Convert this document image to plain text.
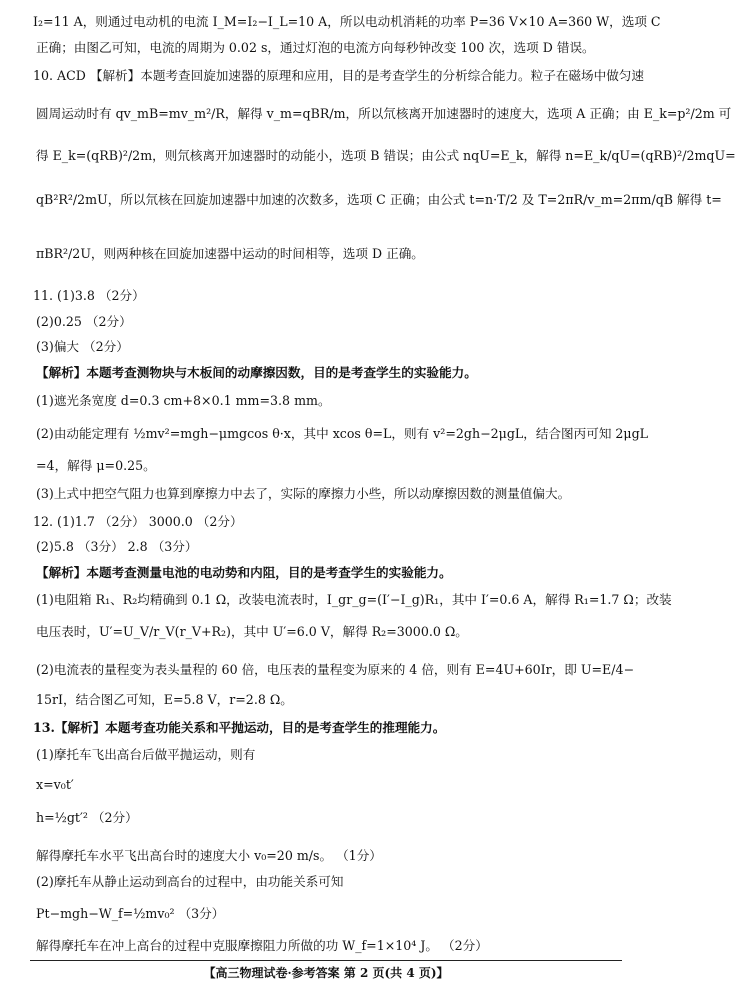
I₂=11 A，则通过电动机的电流 I_M=I₂−I_L=10 A，所以电动机消耗的功率 P=36 V×10 A=360 W，选项 C
正确；由图乙可知，电流的周期为 0.02 s，通过灯泡的电流方向每秒钟改变 100 次，选项 D 错误。
10. ACD 【解析】本题考查回旋加速器的原理和应用，目的是考查学生的分析综合能力。粒子在磁场中做匀速
圆周运动时有 qv_mB=mv_m²/R，解得 v_m=qBR/m，所以氘核离开加速器时的速度大，选项 A 正确；由 E_k=p²/2m 可
得 E_k=(qRB)²/2m，则氘核离开加速器时的动能小，选项 B 错误；由公式 nqU=E_k，解得 n=E_k/qU=(qRB)²/2mqU=
qB²R²/2mU，所以氘核在回旋加速器中加速的次数多，选项 C 正确；由公式 t=n·T/2 及 T=2πR/v_m=2πm/qB 解得 t=
πBR²/2U，则两种核在回旋加速器中运动的时间相等，选项 D 正确。
11. (1)3.8 （2分）
(2)0.25 （2分）
(3)偏大 （2分）
【解析】本题考查测物块与木板间的动摩擦因数，目的是考查学生的实验能力。
(1)遮光条宽度 d=0.3 cm+8×0.1 mm=3.8 mm。
(2)由动能定理有 ½mv²=mgh−μmgcos θ·x，其中 xcos θ=L，则有 v²=2gh−2μgL，结合图丙可知 2μgL
=4，解得 μ=0.25。
(3)上式中把空气阻力也算到摩擦力中去了，实际的摩擦力小些，所以动摩擦因数的测量值偏大。
12. (1)1.7 （2分） 3000.0 （2分）
(2)5.8 （3分） 2.8 （3分）
【解析】本题考查测量电池的电动势和内阻，目的是考查学生的实验能力。
(1)电阻箱 R₁、R₂均精确到 0.1 Ω，改装电流表时，I_gr_g=(I′−I_g)R₁，其中 I′=0.6 A，解得 R₁=1.7 Ω；改装
电压表时，U′=U_V/r_V(r_V+R₂)，其中 U′=6.0 V，解得 R₂=3000.0 Ω。
(2)电流表的量程变为表头量程的 60 倍，电压表的量程变为原来的 4 倍，则有 E=4U+60Ir，即 U=E/4−
15rI，结合图乙可知，E=5.8 V，r=2.8 Ω。
13.【解析】本题考查功能关系和平抛运动，目的是考查学生的推理能力。
(1)摩托车飞出高台后做平抛运动，则有
x=v₀t′
h=½gt′² （2分）
解得摩托车水平飞出高台时的速度大小 v₀=20 m/s。 （1分）
(2)摩托车从静止运动到高台的过程中，由功能关系可知
Pt−mgh−W_f=½mv₀² （3分）
解得摩托车在冲上高台的过程中克服摩擦阻力所做的功 W_f=1×10⁴ J。 （2分）
【高三物理试卷·参考答案 第 2 页(共 4 页)】
